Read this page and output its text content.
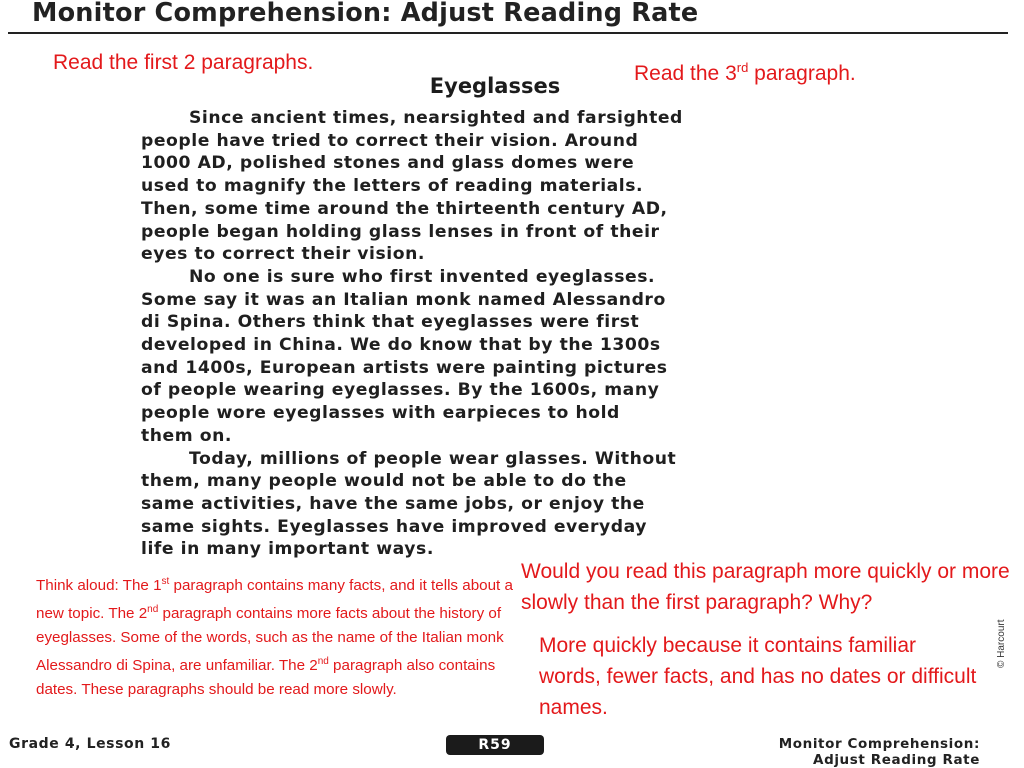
Monitor Comprehension: Adjust Reading Rate
Read the first 2 paragraphs.	Read the 3rd paragraph.
Eyeglasses

Since ancient times, nearsighted and farsighted
people have tried to correct their vision. Around
1000 AD, polished stones and glass domes were
used to magnify the letters of reading materials.
Then, some time around the thirteenth century AD,
people began holding glass lenses in front of their
eyes to correct their vision.

No one is sure who first invented eyeglasses.
Some say it was an Italian monk named Alessandro
di Spina. Others think that eyeglasses were first
developed in China. We do know that by the 1300s
and 1400s, European artists were painting pictures
of people wearing eyeglasses. By the 1600s, many
people wore eyeglasses with earpieces to hold
them on.

Today, millions of people wear glasses. Without
them, many people would not be able to do the
same activities, have the same jobs, or enjoy the
same sights. Eyeglasses have improved everyday
life in many important ways.

Think aloud: The 1st paragraph contains many facts, and it tells about a new topic. The 2nd paragraph contains more facts about the history of eyeglasses. Some of the words, such as the name of the Italian monk Alessandro di Spina, are unfamiliar. The 2nd paragraph also contains dates. These paragraphs should be read more slowly.
Would you read this paragraph more quickly or more slowly than the first paragraph? Why?
More quickly because it contains familiar words, fewer facts, and has no dates or difficult names.
© Harcourt
Grade 4, Lesson 16	R59	Monitor Comprehension:
Adjust Reading Rate
